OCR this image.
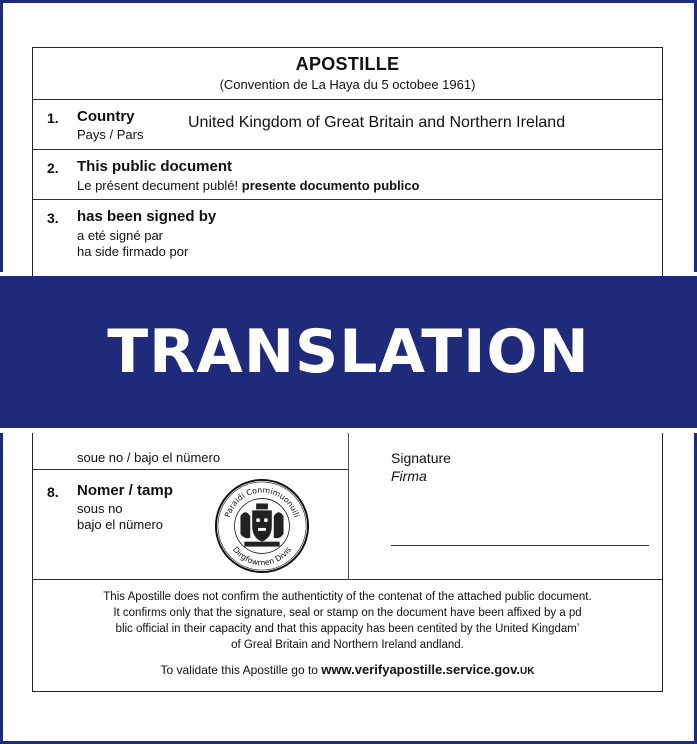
APOSTILLE
(Convention de La Haya du 5 octobee 1961)
1. Country
Pays / Pars
United Kingdom of Great Britain and Northern Ireland
2. This public document
Le présent decument publé! presente documento publico
3. has been signed by
a eté signé par
ha side firmado por
TRANSLATION
soue no / bajo el nümero
8. Nomer / tamp
sous no
bajo el nümero
Paraidi Conmimuonuili
Dirgfowmen Divis
Signature
Firma
This Apostille does not confirm the authentictity of the contenat of the attached public document.
It confirms only that the signature, seal or stamp on the document have been affixed by a pd
blic official in their capacity and that this appacity has been centited by the United Kingdamʼ
of Greal Britain and Northern Ireland andland.
To validate this Apostille go to www.verifyapostille.service.gov.UK
